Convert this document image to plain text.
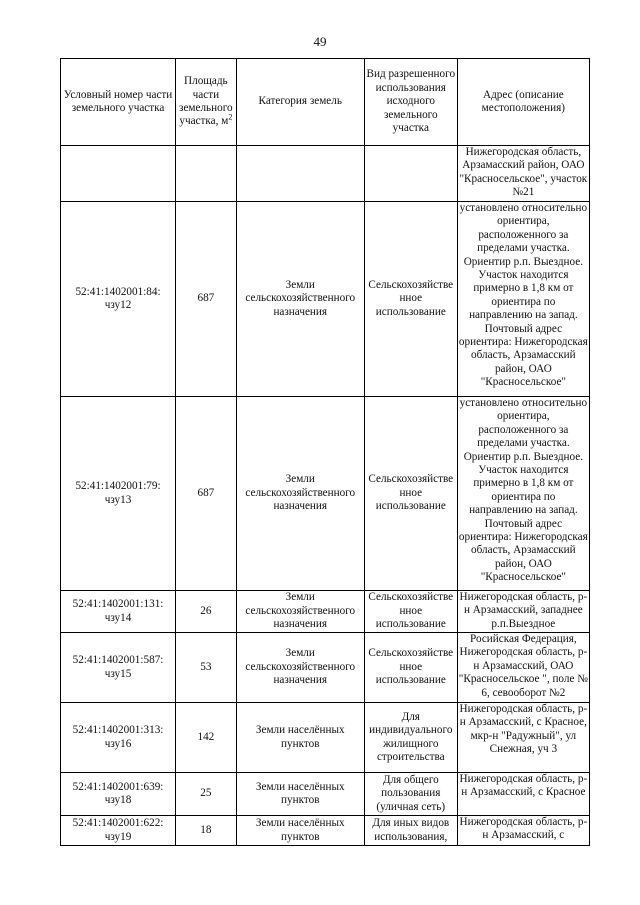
49
Условный номер части земельного участка	Площадь части земельного участка, $м^2$	Категория земель	Вид разрешенного использования исходного земельного участка	Адрес (описание местоположения)
				Нижегородская область, Арзамасский район, ОАО "Красносельское", участок №21
52:41:1402001:84: чзу12	687	Земли сельскохозяйственного назначения	Сельскохозяйственное использование	установлено относительно ориентира, расположенного за пределами участка. Ориентир р.п. Выездное. Участок находится примерно в 1,8 км от ориентира по направлению на запад. Почтовый адрес ориентира: Нижегородская область, Арзамасский район, ОАО "Красносельское"
52:41:1402001:79: чзу13	687	Земли сельскохозяйственного назначения	Сельскохозяйственное использование	установлено относительно ориентира, расположенного за пределами участка. Ориентир р.п. Выездное. Участок находится примерно в 1,8 км от ориентира по направлению на запад. Почтовый адрес ориентира: Нижегородская область, Арзамасский район, ОАО "Красносельское"
52:41:1402001:131: чзу14	26	Земли сельскохозяйственного назначения	Сельскохозяйственное использование	Нижегородская область, р-н Арзамасский, западнее р.п.Выездное
52:41:1402001:587: чзу15	53	Земли сельскохозяйственного назначения	Сельскохозяйственное использование	Росийская Федерация, Нижегородская область, р-н Арзамасский, ОАО "Красносельское ", поле № 6, севооборот №2
52:41:1402001:313: чзу16	142	Земли населённых пунктов	Для индивидуального жилищного строительства	Нижегородская область, р-н Арзамасский, с Красное, мкр-н "Радужный", ул Снежная, уч 3
52:41:1402001:639: чзу18	25	Земли населённых пунктов	Для общего пользования (уличная сеть)	Нижегородская область, р-н Арзамасский, с Красное
52:41:1402001:622: чзу19	18	Земли населённых пунктов	Для иных видов использования,	Нижегородская область, р-н Арзамасский, с
